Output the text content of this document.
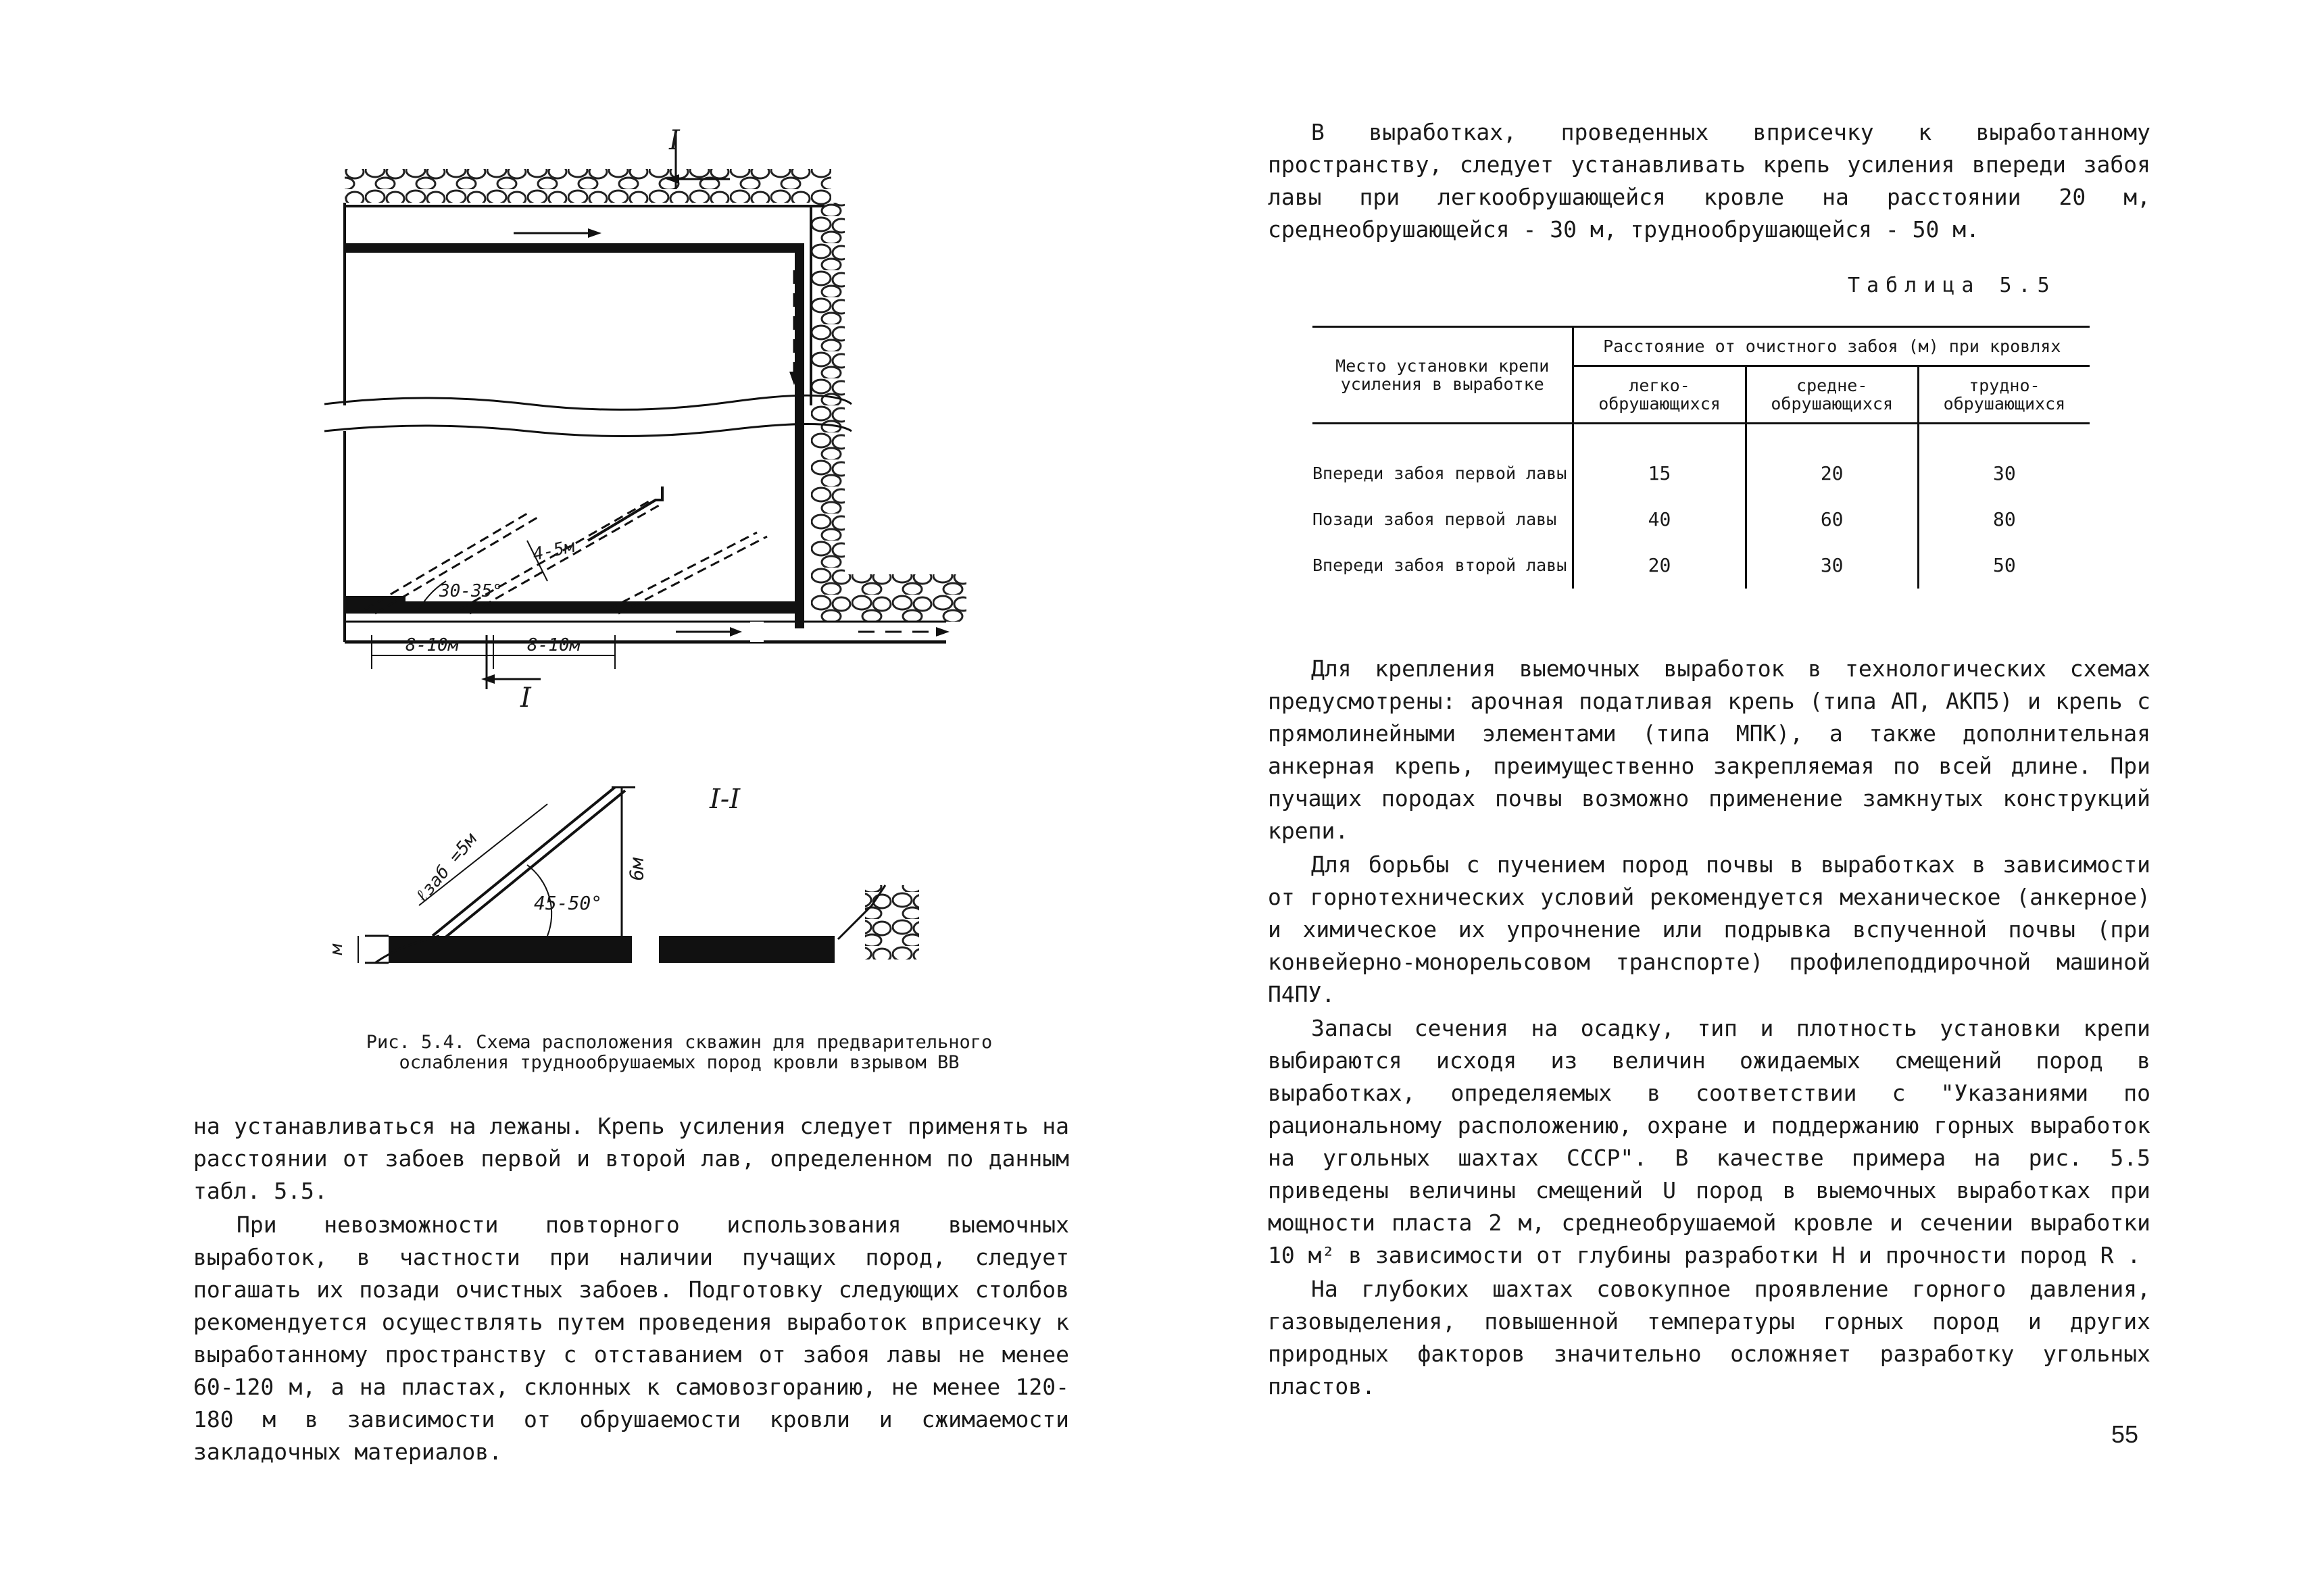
I
I
I-I
4-5м
30-35°
8-10м	8-10м
45-50°
6м
ℓзаб =5м
м
Рис. 5.4. Схема расположения скважин для предварительного
ослабления труднообрушаемых пород кровли взрывом ВВ

на устанавливаться на лежаны. Крепь усиления следует применять на расстоянии от забоев первой и второй лав, определенном по данным табл. 5.5.

При невозможности повторного использования выемочных выработок, в частности при наличии пучащих пород, следует погашать их позади очистных забоев. Подготовку следующих столбов рекомендуется осуществлять путем проведения выработок вприсечку к выработанному пространству с отставанием от забоя лавы не менее 60-120 м, а на пластах, склонных к самовозгоранию, не менее 120-180 м в зависимости от обрушаемости кровли и сжимаемости закладочных материалов.

В выработках, проведенных вприсечку к выработанному пространству, следует устанавливать крепь усиления впереди забоя лавы при легкообрушающейся кровле на расстоянии 20 м, среднеобрушающейся - 30 м, труднообрушающейся - 50 м.

Таблица 5.5
Место установки крепи усиления в выработке	Расстояние от очистного забоя (м) при кровлях		
	легко-обрушающихся	средне-обрушающихся	трудно-обрушающихся

Впереди забоя первой лавы	15	20	30
Позади забоя первой лавы	40	60	80
Впереди забоя второй лавы	20	30	50

Для крепления выемочных выработок в технологических схемах предусмотрены: арочная податливая крепь (типа АП, АКП5) и крепь с прямолинейными элементами (типа МПК), а также дополнительная анкерная крепь, преимущественно закрепляемая по всей длине. При пучащих породах почвы возможно применение замкнутых конструкций крепи.

Для борьбы с пучением пород почвы в выработках в зависимости от горнотехнических условий рекомендуется механическое (анкерное) и химическое их упрочнение или подрывка вспученной почвы (при конвейерно-монорельсовом транспорте) профилеподдирочной машиной П4ПУ.

Запасы сечения на осадку, тип и плотность установки крепи выбираются исходя из величин ожидаемых смещений пород в выработках, определяемых в соответствии с "Указаниями по рациональному расположению, охране и поддержанию горных выработок на угольных шахтах СССР". В качестве примера на рис. 5.5 приведены величины смещений U пород в выемочных выработках при мощности пласта 2 м, среднеобрушаемой кровле и сечении выработки 10 м² в зависимости от глубины разработки H и прочности пород R .

На глубоких шахтах совокупное проявление горного давления, газовыделения, повышенной температуры горных пород и других природных факторов значительно осложняет разработку угольных пластов.

55
